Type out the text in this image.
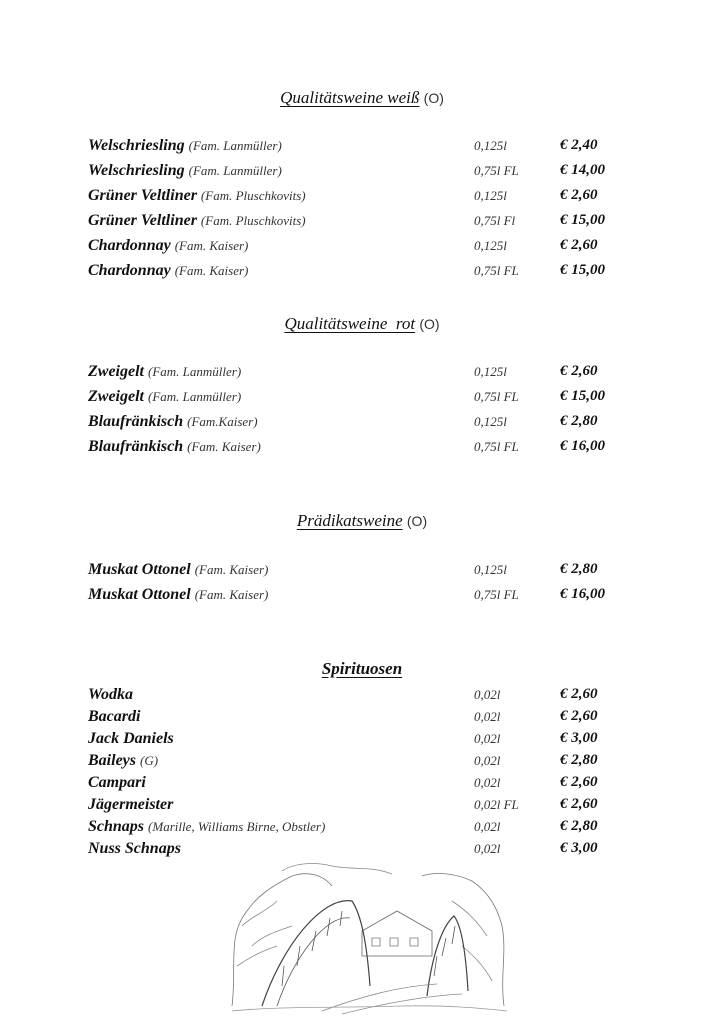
Qualitätsweine weiß (O)
Welschriesling (Fam. Lanmüller)	0,125l	€ 2,40
Welschriesling (Fam. Lanmüller)	0,75l FL	€ 14,00
Grüner Veltliner (Fam. Pluschkovits)	0,125l	€ 2,60
Grüner Veltliner (Fam. Pluschkovits)	0,75l Fl	€ 15,00
Chardonnay (Fam. Kaiser)	0,125l	€ 2,60
Chardonnay (Fam. Kaiser)	0,75l FL	€ 15,00
Qualitätsweine  rot (O)
Zweigelt (Fam. Lanmüller)	0,125l	€ 2,60
Zweigelt (Fam. Lanmüller)	0,75l FL	€ 15,00
Blaufränkisch (Fam.Kaiser)	0,125l	€ 2,80
Blaufränkisch (Fam. Kaiser)	0,75l FL	€ 16,00
Prädikatsweine (O)
Muskat Ottonel (Fam. Kaiser)	0,125l	€ 2,80
Muskat Ottonel (Fam. Kaiser)	0,75l FL	€ 16,00
Spirituosen
Wodka	0,02l	€ 2,60
Bacardi	0,02l	€ 2,60
Jack Daniels	0,02l	€ 3,00
Baileys (G)	0,02l	€ 2,80
Campari	0,02l	€ 2,60
Jägermeister	0,02l FL	€ 2,60
Schnaps (Marille, Williams Birne, Obstler)	0,02l	€ 2,80
Nuss Schnaps	0,02l	€ 3,00
